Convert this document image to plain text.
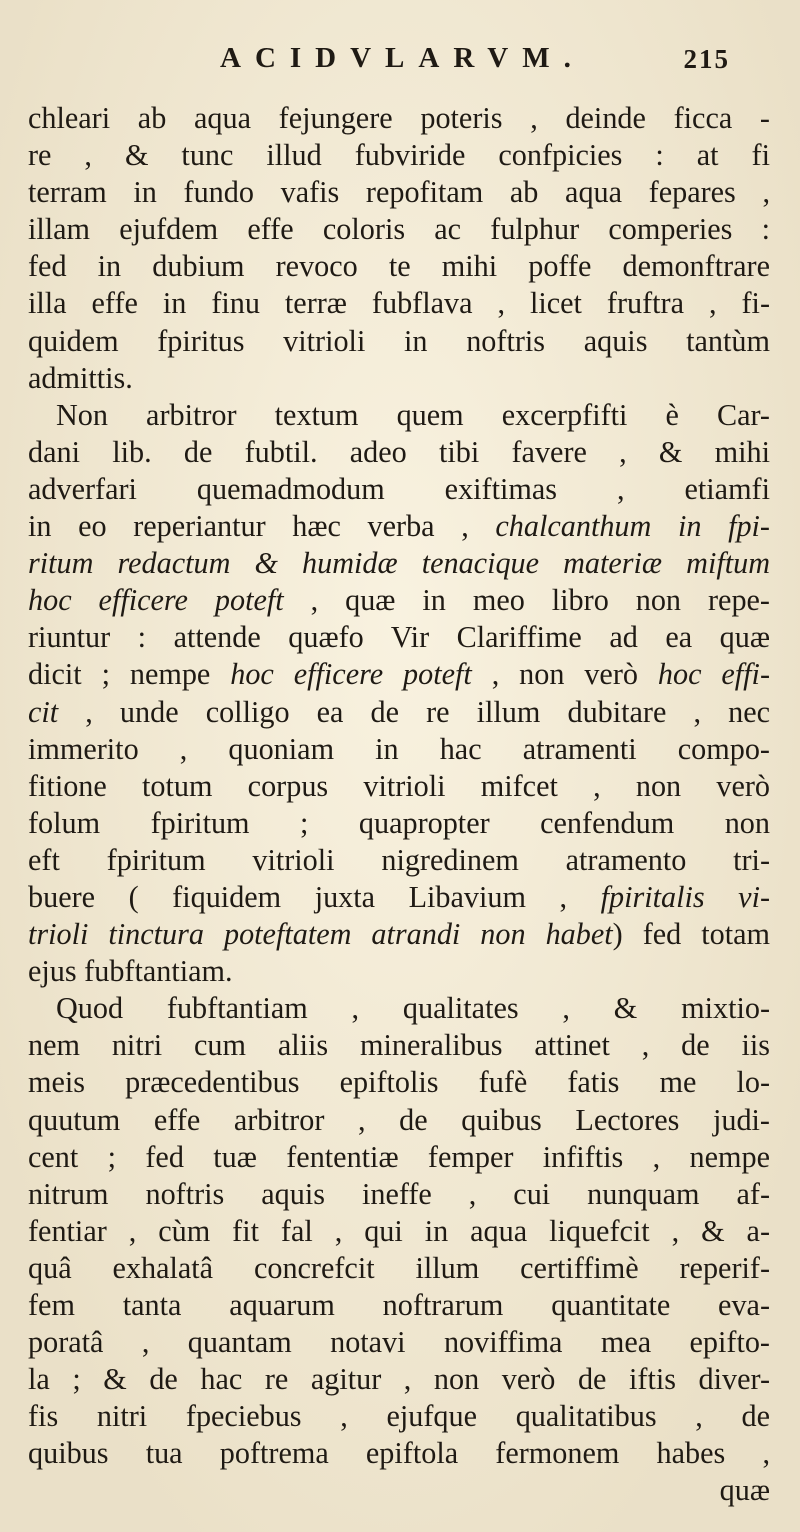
ACIDVLARVM.	215
chleari ab aqua fejungere poteris , deinde ficca -
re , & tunc illud fubviride confpicies : at fi
terram in fundo vafis repofitam ab aqua fepares ,
illam ejufdem effe coloris ac fulphur comperies :
fed in dubium revoco te mihi poffe demonftrare
illa effe in finu terræ fubflava , licet fruftra , fi-
quidem fpiritus vitrioli in noftris aquis tantùm
admittis.
Non arbitror textum quem excerpfifti è Car-
dani lib. de fubtil. adeo tibi favere , & mihi
adverfari quemadmodum exiftimas , etiamfi
in eo reperiantur hæc verba , chalcanthum in fpi-
ritum redactum & humidæ tenacique materiæ miftum
hoc efficere poteft , quæ in meo libro non repe-
riuntur : attende quæfo Vir Clariffime ad ea quæ
dicit ; nempe hoc efficere poteft , non verò hoc effi-
cit , unde colligo ea de re illum dubitare , nec
immerito , quoniam in hac atramenti compo-
fitione totum corpus vitrioli mifcet , non verò
folum fpiritum ; quapropter cenfendum non
eft fpiritum vitrioli nigredinem atramento tri-
buere ( fiquidem juxta Libavium , fpiritalis vi-
trioli tinctura poteftatem atrandi non habet) fed totam
ejus fubftantiam.
Quod fubftantiam , qualitates , & mixtio-
nem nitri cum aliis mineralibus attinet , de iis
meis præcedentibus epiftolis fufè fatis me lo-
quutum effe arbitror , de quibus Lectores judi-
cent ; fed tuæ fententiæ femper infiftis , nempe
nitrum noftris aquis ineffe , cui nunquam af-
fentiar , cùm fit fal , qui in aqua liquefcit , & a-
quâ exhalatâ concrefcit illum certiffimè reperif-
fem tanta aquarum noftrarum quantitate eva-
poratâ , quantam notavi noviffima mea epifto-
la ; & de hac re agitur , non verò de iftis diver-
fis nitri fpeciebus , ejufque qualitatibus , de
quibus tua poftrema epiftola fermonem habes ,
quæ
